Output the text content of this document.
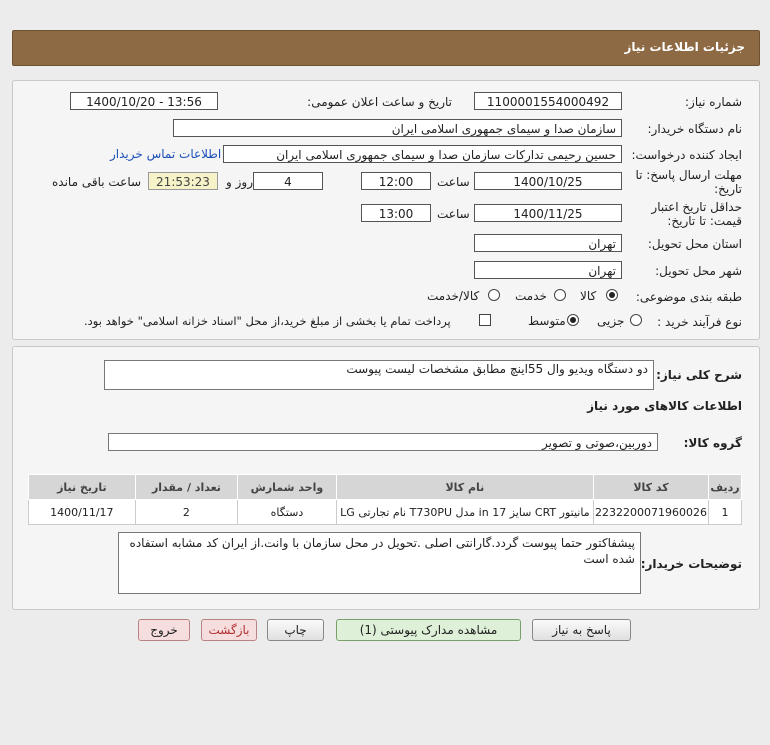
جزئیات اطلاعات نیاز
شماره نیاز:
1100001554000492
تاریخ و ساعت اعلان عمومی:
1400/10/20 - 13:56
نام دستگاه خریدار:
سازمان صدا و سیمای جمهوری اسلامی ایران
ایجاد کننده درخواست:
حسین رحیمی تدارکات سازمان صدا و سیمای جمهوری اسلامی ایران
اطلاعات تماس خریدار
مهلت ارسال پاسخ: تا
تاریخ:
1400/10/25
ساعت
12:00
4
روز و
21:53:23
ساعت باقی مانده
حداقل تاریخ اعتبار
قیمت: تا تاریخ:
1400/11/25
ساعت
13:00
استان محل تحویل:
تهران
شهر محل تحویل:
تهران
طبقه بندی موضوعی:
کالا
خدمت
کالا/خدمت
نوع فرآیند خرید :
جزیی
متوسط
پرداخت تمام یا بخشی از مبلغ خرید،از محل "اسناد خزانه اسلامی" خواهد بود.
شرح کلی نیاز:
دو دستگاه ویدیو وال 55اینچ مطابق مشخصات لیست پیوست
اطلاعات کالاهای مورد نیاز
گروه کالا:
دوربین،صوتی و تصویر
ردیف	کد کالا	نام کالا	واحد شمارش	تعداد / مقدار	تاریخ نیاز
1	2232200071960026	مانیتور CRT سایز 17 in مدل T730PU نام تجارتی LG	دستگاه	2	1400/11/17
توضیحات خریدار:
پیشفاکتور حتما پیوست گردد.گارانتی اصلی .تحویل در محل سازمان با وانت.از ایران کد مشابه استفاده شده است
پاسخ به نیاز
مشاهده مدارک پیوستی (1)
چاپ
بازگشت
خروج
